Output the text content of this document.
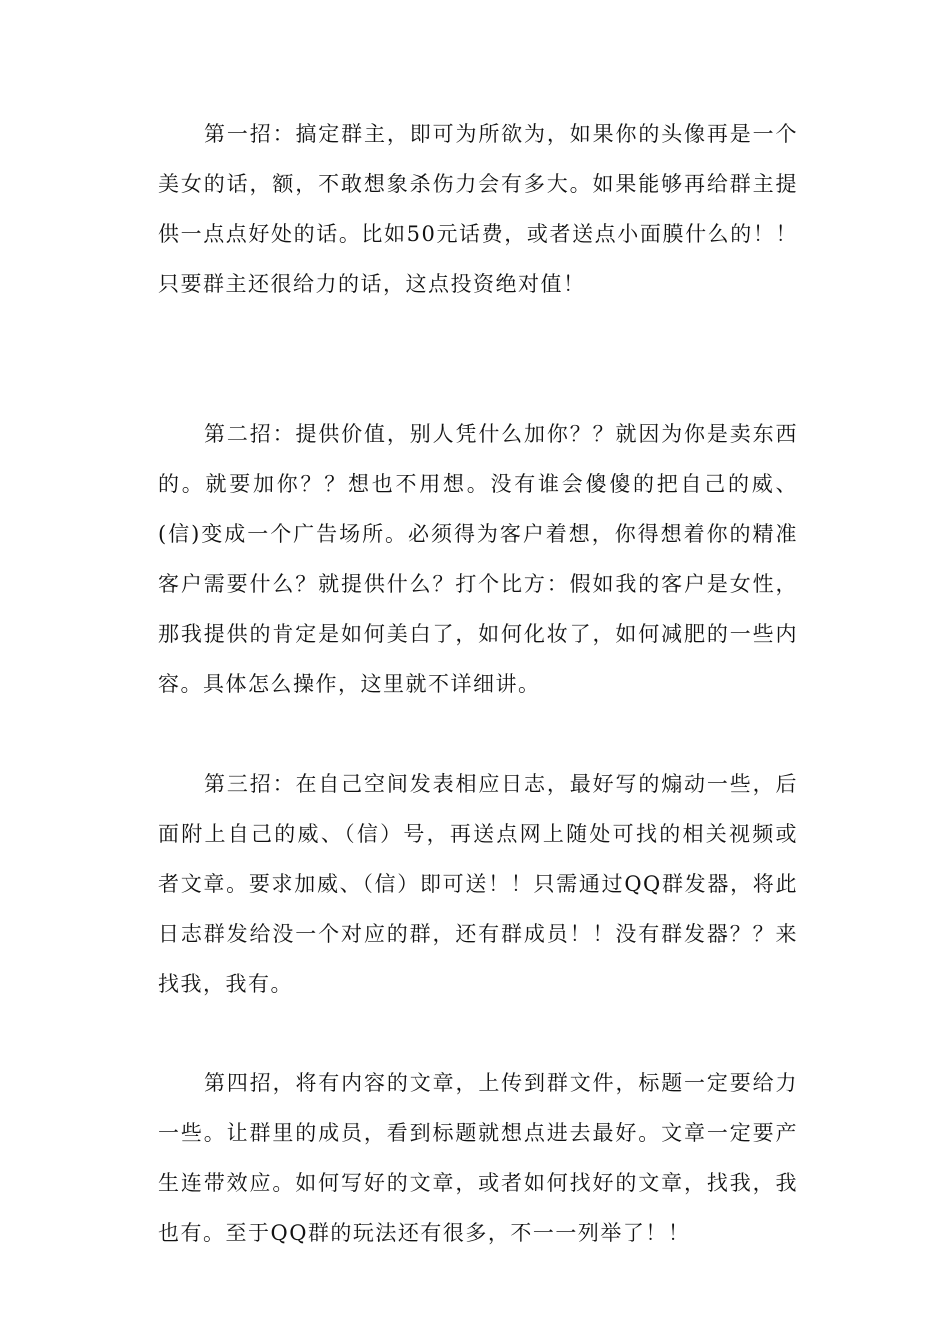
第一招：搞定群主，即可为所欲为，如果你的头像再是一个美女的话，额，不敢想象杀伤力会有多大。如果能够再给群主提供一点点好处的话。比如50元话费，或者送点小面膜什么的！！只要群主还很给力的话，这点投资绝对值！

第二招：提供价值，别人凭什么加你？？就因为你是卖东西的。就要加你？？想也不用想。没有谁会傻傻的把自己的威、(信)变成一个广告场所。必须得为客户着想，你得想着你的精准客户需要什么？就提供什么？打个比方：假如我的客户是女性，那我提供的肯定是如何美白了，如何化妆了，如何减肥的一些内容。具体怎么操作，这里就不详细讲。

第三招：在自己空间发表相应日志，最好写的煽动一些，后面附上自己的威、（信）号，再送点网上随处可找的相关视频或者文章。要求加威、（信）即可送！！只需通过QQ群发器，将此日志群发给没一个对应的群，还有群成员！！没有群发器？？来找我，我有。

第四招，将有内容的文章，上传到群文件，标题一定要给力一些。让群里的成员，看到标题就想点进去最好。文章一定要产生连带效应。如何写好的文章，或者如何找好的文章，找我，我也有。至于QQ群的玩法还有很多，不一一列举了！！
